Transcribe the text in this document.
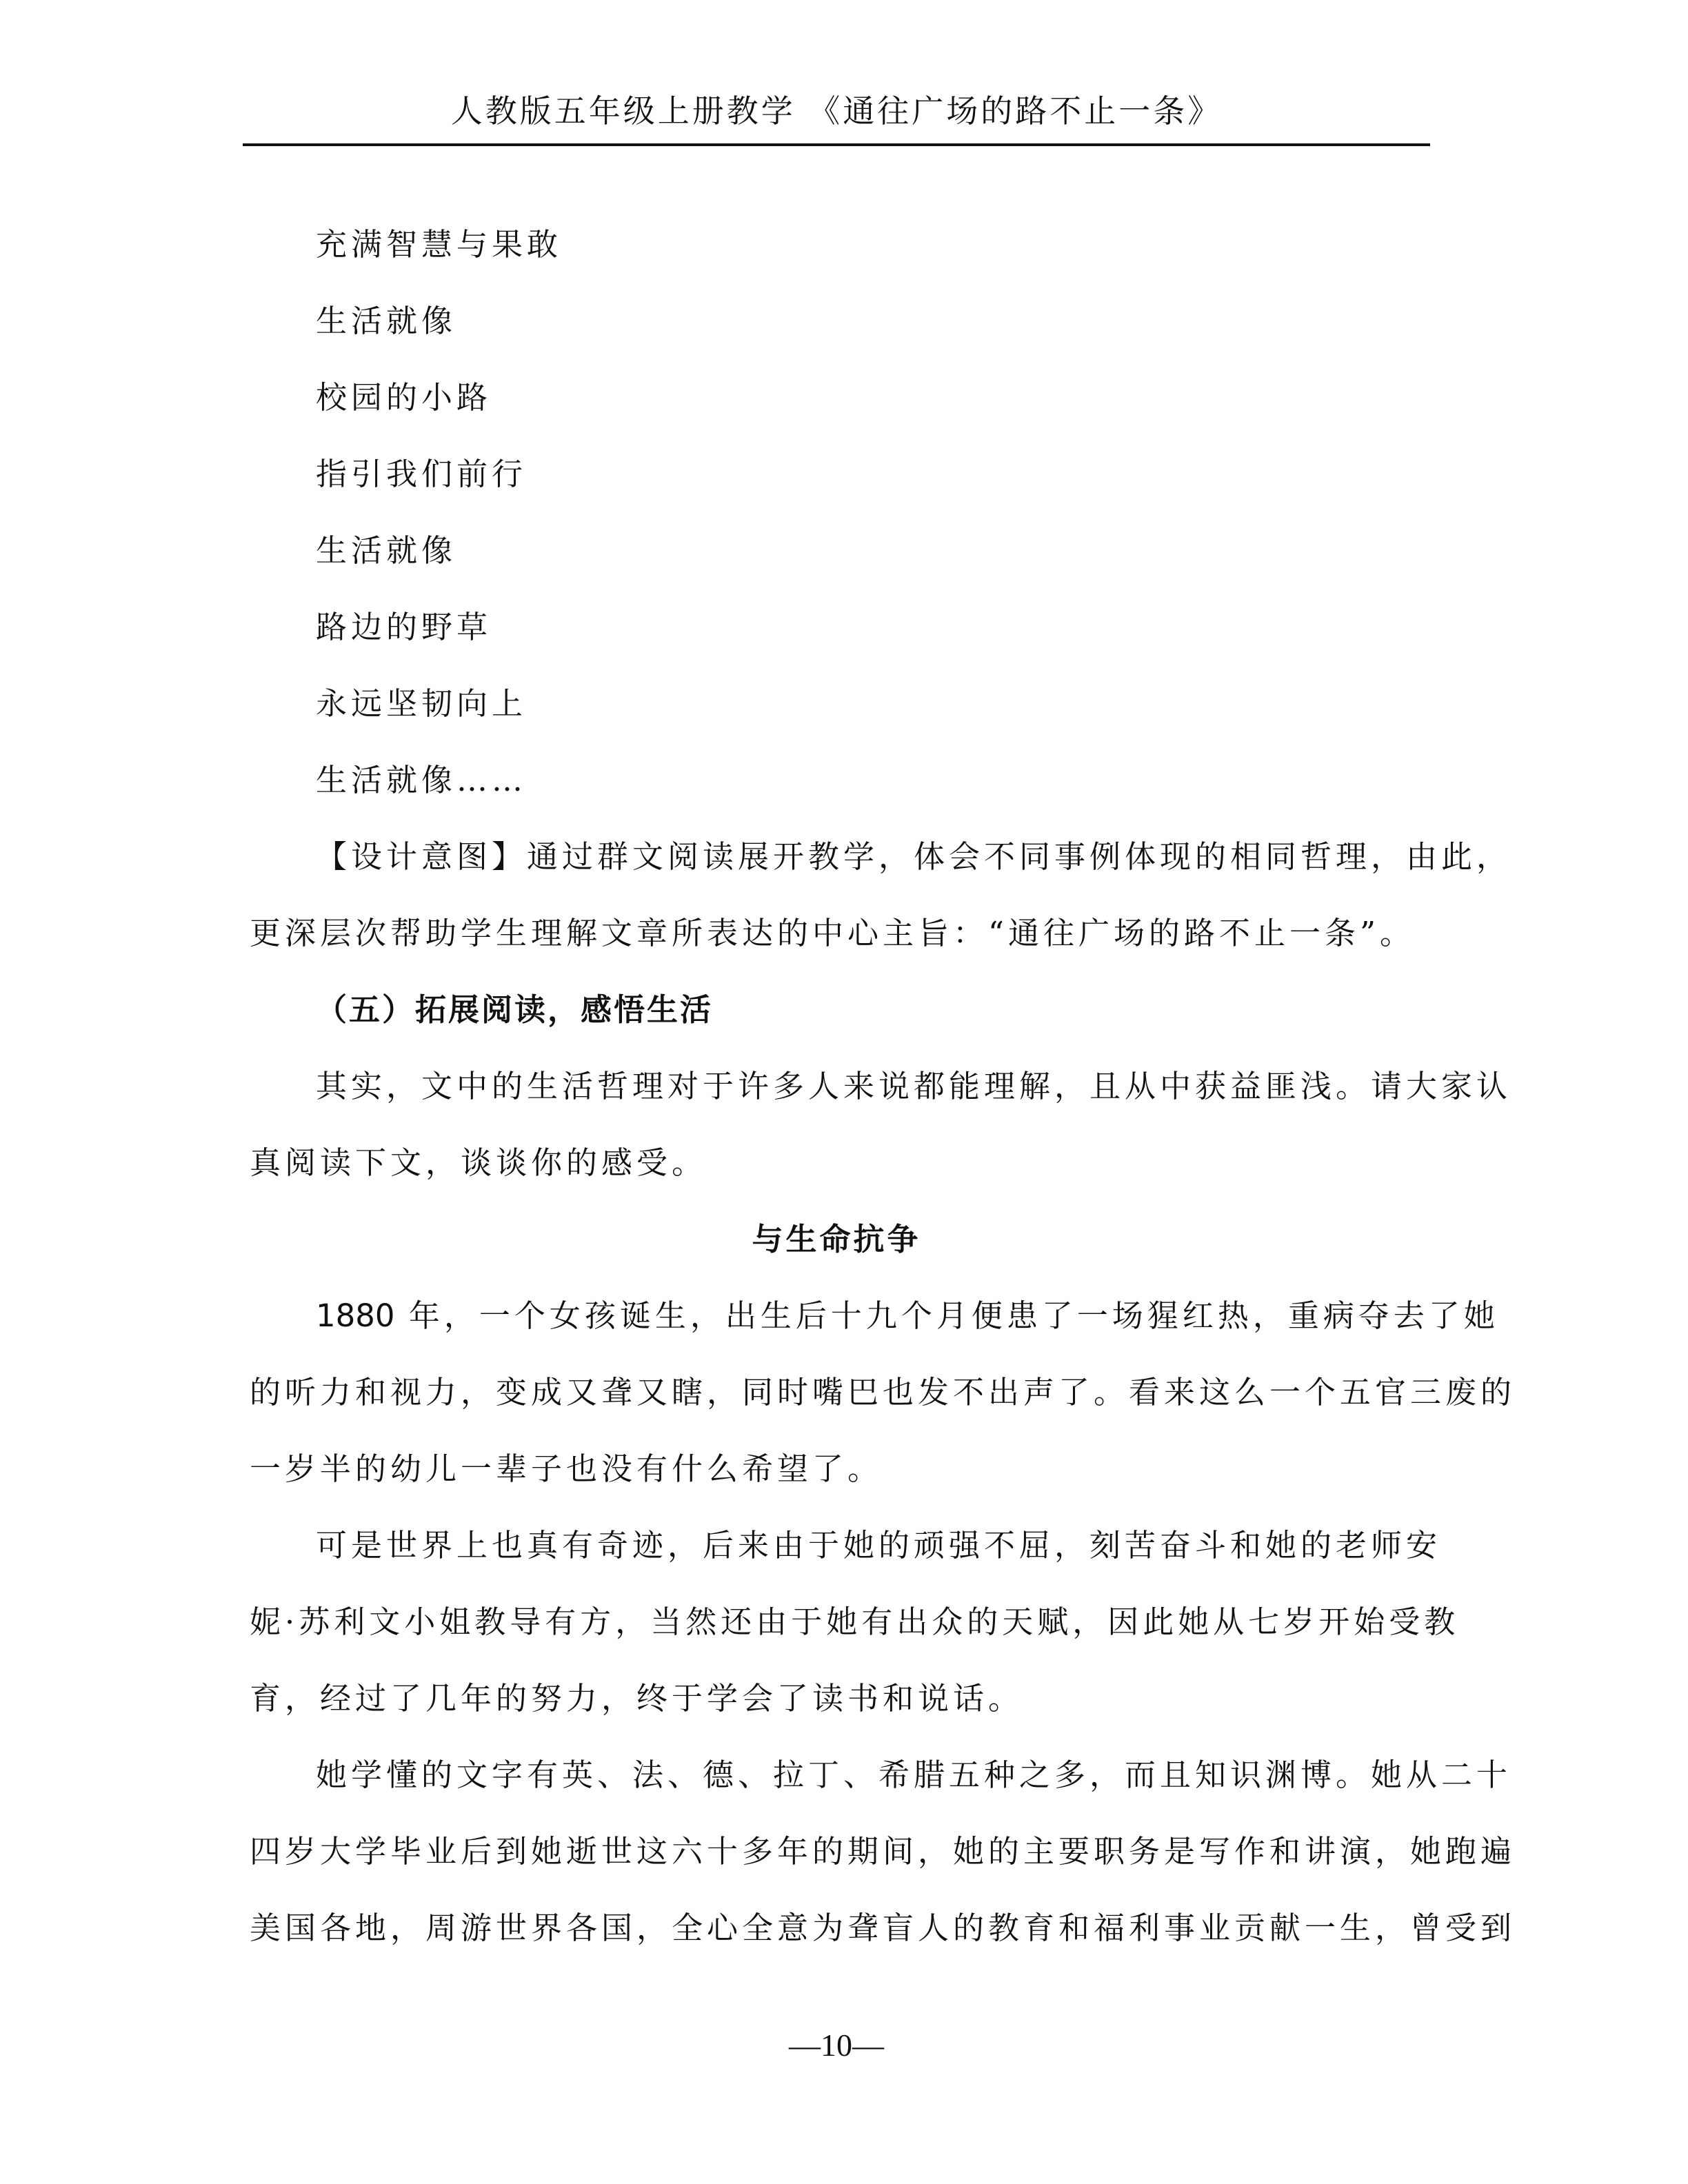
人教版五年级上册教学 《通往广场的路不止一条》
充满智慧与果敢
生活就像
校园的小路
指引我们前行
生活就像
路边的野草
永远坚韧向上
生活就像……
【设计意图】通过群文阅读展开教学，体会不同事例体现的相同哲理，由此，
更深层次帮助学生理解文章所表达的中心主旨：“通往广场的路不止一条”。
（五）拓展阅读，感悟生活
其实，文中的生活哲理对于许多人来说都能理解，且从中获益匪浅。请大家认
真阅读下文，谈谈你的感受。
与生命抗争
1880 年，一个女孩诞生，出生后十九个月便患了一场猩红热，重病夺去了她
的听力和视力，变成又聋又瞎，同时嘴巴也发不出声了。看来这么一个五官三废的
一岁半的幼儿一辈子也没有什么希望了。
可是世界上也真有奇迹，后来由于她的顽强不屈，刻苦奋斗和她的老师安
妮·苏利文小姐教导有方，当然还由于她有出众的天赋，因此她从七岁开始受教
育，经过了几年的努力，终于学会了读书和说话。
她学懂的文字有英、法、德、拉丁、希腊五种之多，而且知识渊博。她从二十
四岁大学毕业后到她逝世这六十多年的期间，她的主要职务是写作和讲演，她跑遍
美国各地，周游世界各国，全心全意为聋盲人的教育和福利事业贡献一生，曾受到
—10—
